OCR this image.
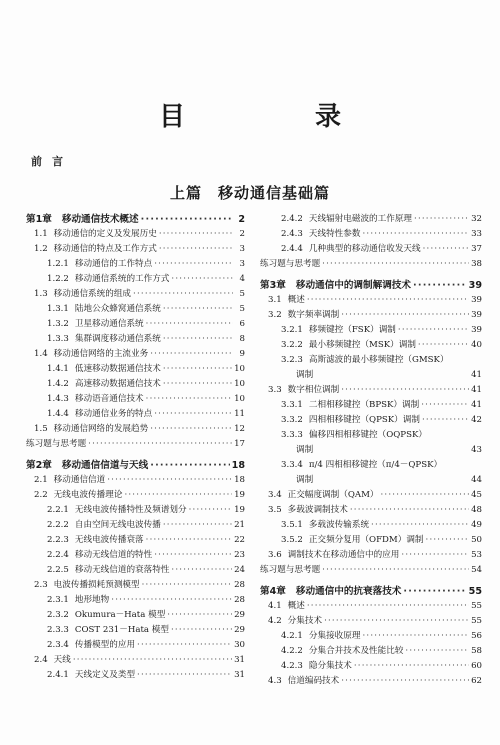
目　录
前言
上篇　移动通信基础篇
第1章 移动通信技术概述 ·····	2
1.1 移动通信的定义及发展历史 ·····	2
1.2 移动通信的特点及工作方式 ·····	3
1.2.1 移动通信的工作特点 ·····	3
1.2.2 移动通信系统的工作方式 ·····	4
1.3 移动通信系统的组成 ·····	5
1.3.1 陆地公众蜂窝通信系统 ·····	5
1.3.2 卫星移动通信系统 ·····	6
1.3.3 集群调度移动通信系统 ·····	8
1.4 移动通信网络的主流业务 ·····	9
1.4.1 低速移动数据通信技术 ·····	10
1.4.2 高速移动数据通信技术 ·····	10
1.4.3 移动语音通信技术 ·····	10
1.4.4 移动通信业务的特点 ·····	11
1.5 移动通信网络的发展趋势 ·····	12
练习题与思考题 ·····	17
第2章 移动通信信道与天线 ·····	18
2.1 移动通信信道 ·····	18
2.2 无线电波传播理论 ·····	19
2.2.1 无线电波传播特性及频谱划分 ·····	19
2.2.2 自由空间无线电波传播 ·····	21
2.2.3 无线电波传播衰落 ·····	22
2.2.4 移动无线信道的特性 ·····	23
2.2.5 移动无线信道的衰落特性 ·····	24
2.3 电波传播损耗预测模型 ·····	28
2.3.1 地形地物 ·····	28
2.3.2 Okumura－Hata 模型 ·····	29
2.3.3 COST 231－Hata 模型 ·····	29
2.3.4 传播模型的应用 ·····	30
2.4 天线 ·····	31
2.4.1 天线定义及类型 ·····	31
2.4.2 天线辐射电磁波的工作原理 ·····	32
2.4.3 天线特性参数 ·····	33
2.4.4 几种典型的移动通信收发天线 ·····	37
练习题与思考题 ·····	38
第3章 移动通信中的调制解调技术 ·····	39
3.1 概述 ·····	39
3.2 数字频率调制 ·····	39
3.2.1 移频键控（FSK）调制 ·····	39
3.2.2 最小移频键控（MSK）调制 ·····	40
3.2.3 高斯滤波的最小移频键控（GMSK）
调制	41
3.3 数字相位调制 ·····	41
3.3.1 二相相移键控（BPSK）调制 ·····	41
3.3.2 四相相移键控（QPSK）调制 ·····	42
3.3.3 偏移四相相移键控（OQPSK）
调制	43
3.3.4 π/4 四相相移键控（π/4－QPSK）
调制	44
3.4 正交幅度调制（QAM） ·····	45
3.5 多载波调制技术 ·····	48
3.5.1 多载波传输系统 ·····	49
3.5.2 正交频分复用（OFDM）调制 ·····	50
3.6 调制技术在移动通信中的应用 ·····	53
练习题与思考题 ·····	54
第4章 移动通信中的抗衰落技术 ·····	55
4.1 概述 ·····	55
4.2 分集技术 ·····	55
4.2.1 分集接收原理 ·····	56
4.2.2 分集合并技术及性能比较 ·····	58
4.2.3 隐分集技术 ·····	60
4.3 信道编码技术 ·····	62
